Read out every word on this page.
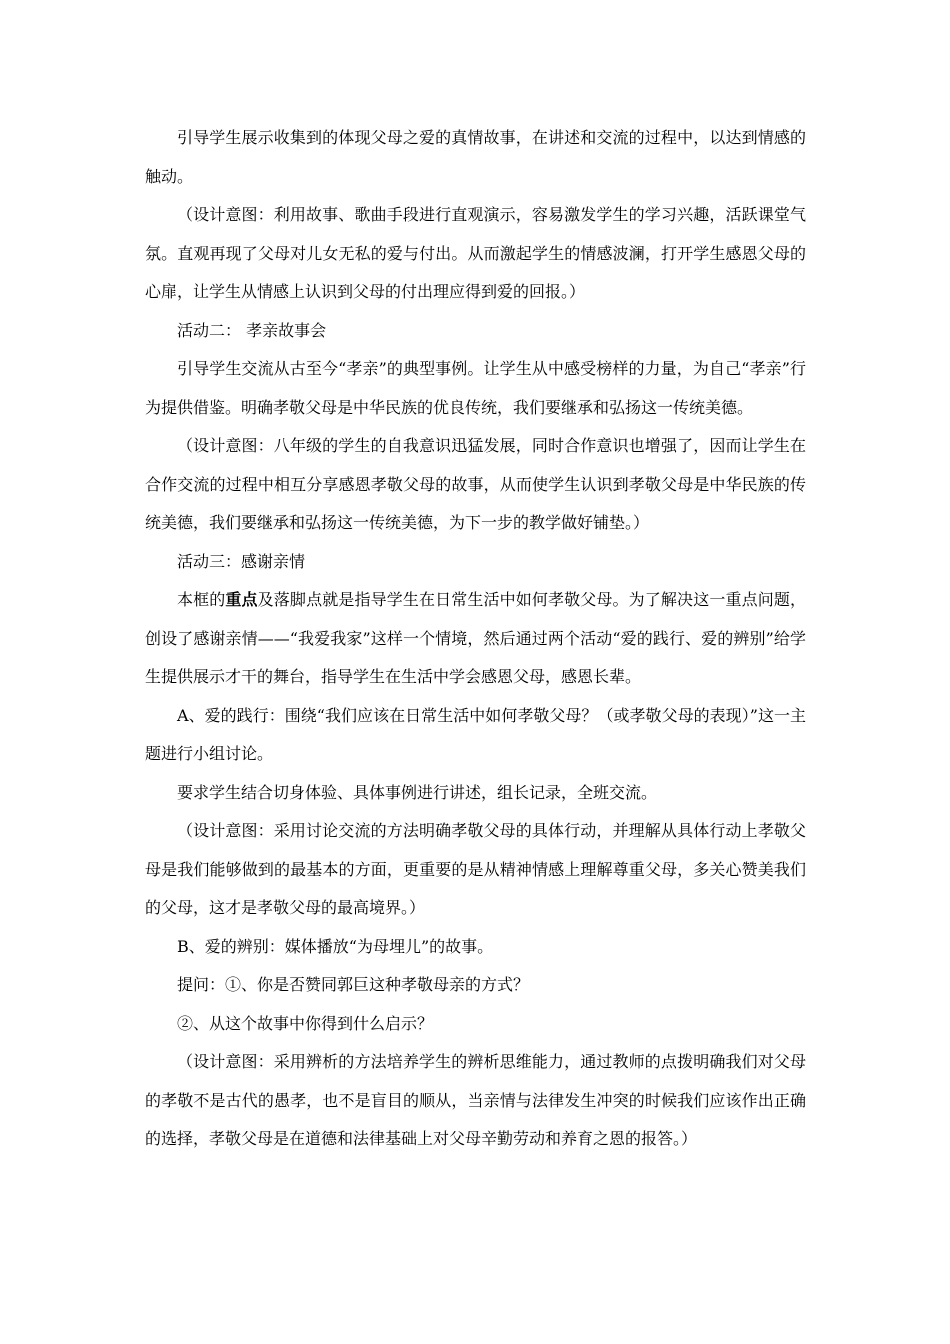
引导学生展示收集到的体现父母之爱的真情故事，在讲述和交流的过程中，以达到情感的触动。

（设计意图：利用故事、歌曲手段进行直观演示，容易激发学生的学习兴趣，活跃课堂气氛。直观再现了父母对儿女无私的爱与付出。从而激起学生的情感波澜，打开学生感恩父母的心扉，让学生从情感上认识到父母的付出理应得到爱的回报。）

活动二： 孝亲故事会

引导学生交流从古至今“孝亲”的典型事例。让学生从中感受榜样的力量，为自己“孝亲”行为提供借鉴。明确孝敬父母是中华民族的优良传统，我们要继承和弘扬这一传统美德。

（设计意图：八年级的学生的自我意识迅猛发展，同时合作意识也增强了，因而让学生在合作交流的过程中相互分享感恩孝敬父母的故事，从而使学生认识到孝敬父母是中华民族的传统美德，我们要继承和弘扬这一传统美德，为下一步的教学做好铺垫。）

活动三：感谢亲情

本框的重点及落脚点就是指导学生在日常生活中如何孝敬父母。为了解决这一重点问题，创设了感谢亲情——“我爱我家”这样一个情境，然后通过两个活动“爱的践行、爱的辨别”给学生提供展示才干的舞台，指导学生在生活中学会感恩父母，感恩长辈。

A、爱的践行：围绕“我们应该在日常生活中如何孝敬父母？（或孝敬父母的表现）”这一主题进行小组讨论。

要求学生结合切身体验、具体事例进行讲述，组长记录，全班交流。

（设计意图：采用讨论交流的方法明确孝敬父母的具体行动，并理解从具体行动上孝敬父母是我们能够做到的最基本的方面，更重要的是从精神情感上理解尊重父母，多关心赞美我们的父母，这才是孝敬父母的最高境界。）

B、爱的辨别：媒体播放“为母埋儿”的故事。

提问：①、你是否赞同郭巨这种孝敬母亲的方式？

②、从这个故事中你得到什么启示？

（设计意图：采用辨析的方法培养学生的辨析思维能力，通过教师的点拨明确我们对父母的孝敬不是古代的愚孝，也不是盲目的顺从，当亲情与法律发生冲突的时候我们应该作出正确的选择，孝敬父母是在道德和法律基础上对父母辛勤劳动和养育之恩的报答。）
